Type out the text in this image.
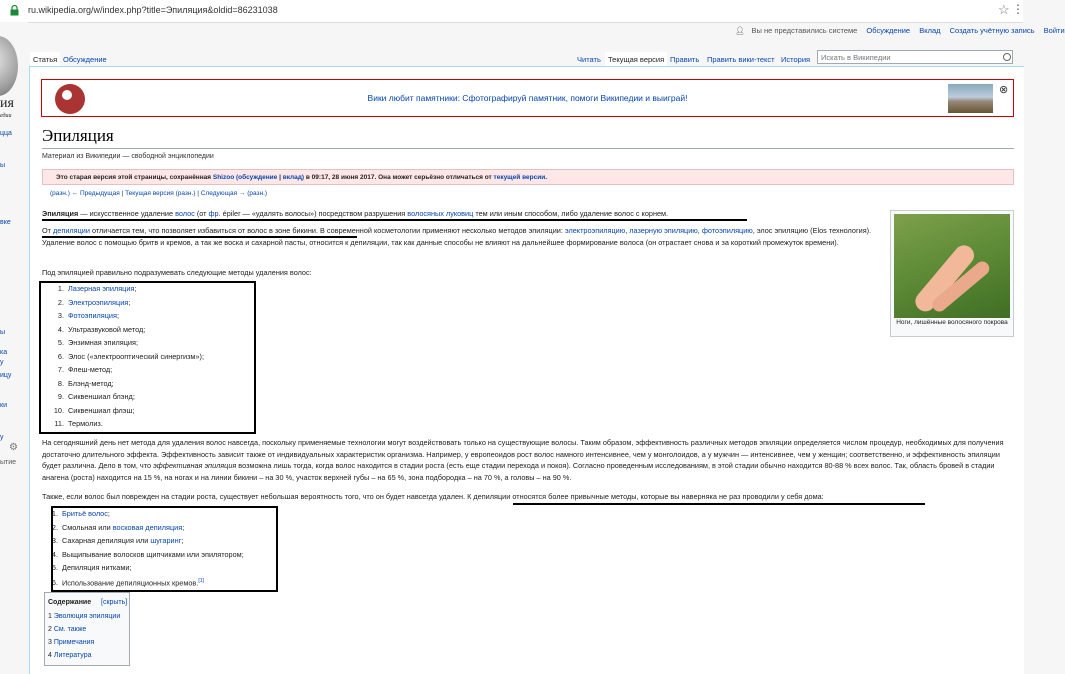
ru.wikipedia.org/w/index.php?title=Эпиляция&oldid=86231038	☆ ⋮
ия
едии
цца
ы
вке
ы
ка
у
ицу
ки
у
ытие
⚙
👤︎ Вы не представились системе Обсуждение Вклад Создать учётную запись Войти
Статья Обсуждение	Читать Текущая версия Править	Править вики-текст История	Искать в Википедии
Вики любит памятники: Сфотографируй памятник, помоги Википедии и выиграй!
⊗
Эпиляция
Материал из Википедии — свободной энциклопедии
Это старая версия этой страницы, сохранённая Shizoo (обсуждение | вклад) в 09:17, 28 июня 2017. Она может серьёзно отличаться от текущей версии.
(разн.) ← Предыдущая | Текущая версия (разн.) | Следующая → (разн.)
Эпиляция — искусственное удаление волос (от фр. épiler — «удалять волосы») посредством разрушения волосяных луковиц тем или иным способом, либо удаление волос с корнем.
От депиляции отличается тем, что позволяет избавиться от волос в зоне бикини. В современной косметологии применяют несколько методов эпиляции: электроэпиляцию, лазерную эпиляцию, фотоэпиляцию, элос эпиляцию (Elos технология). Удаление волос с помощью бритв и кремов, а так же воска и сахарной пасты, относится к депиляции, так как данные способы не влияют на дальнейшее формирование волоса (он отрастает снова и за короткий промежуток времени).
Под эпиляцией правильно подразумевать следующие методы удаления волос:
1. Лазерная эпиляция;
2. Электроэпиляция;
3. Фотоэпиляция;
4. Ультразвуковой метод;
5. Энзимная эпиляция;
6. Элос («электрооптический синергизм»);
7. Флеш-метод;
8. Блэнд-метод;
9. Сиквеншиал блэнд;
10. Сиквеншиал флэш;
11. Термолиз.
Ноги, лишённые волосяного покрова
На сегодняшний день нет метода для удаления волос навсегда, поскольку применяемые технологии могут воздействовать только на существующие волосы. Таким образом, эффективность различных методов эпиляции определяется числом процедур, необходимых для получения достаточно длительного эффекта. Эффективность зависит также от индивидуальных характеристик организма. Например, у европеоидов рост волос намного интенсивнее, чем у монголоидов, а у мужчин — интенсивнее, чем у женщин; соответственно, и эффективность эпиляции будет различна. Дело в том, что эффективная эпиляция возможна лишь тогда, когда волос находится в стадии роста (есть еще стадии перехода и покоя). Согласно проведенным исследованиям, в этой стадии обычно находится 80-88 % всех волос. Так, область бровей в стадии анагена (роста) находится на 15 %, на ногах и на линии бикини – на 30 %, участок верхней губы – на 65 %, зона подбородка – на 70 %, а головы – на 90 %.
Также, если волос был поврежден на стадии роста, существует небольшая вероятность того, что он будет навсегда удален. К депиляции относятся более привычные методы, которые вы наверняка не раз проводили у себя дома:
1. Бритьё волос;
2. Смольная или восковая депиляция;
3. Сахарная депиляция или шугаринг;
4. Выщипывание волосков щипчиками или эпилятором;
5. Депиляция нитками;
6. Использование депиляционных кремов.[1]
Содержание [скрыть]
1 Эволюция эпиляции
2 См. также
3 Примечания
4 Литература
